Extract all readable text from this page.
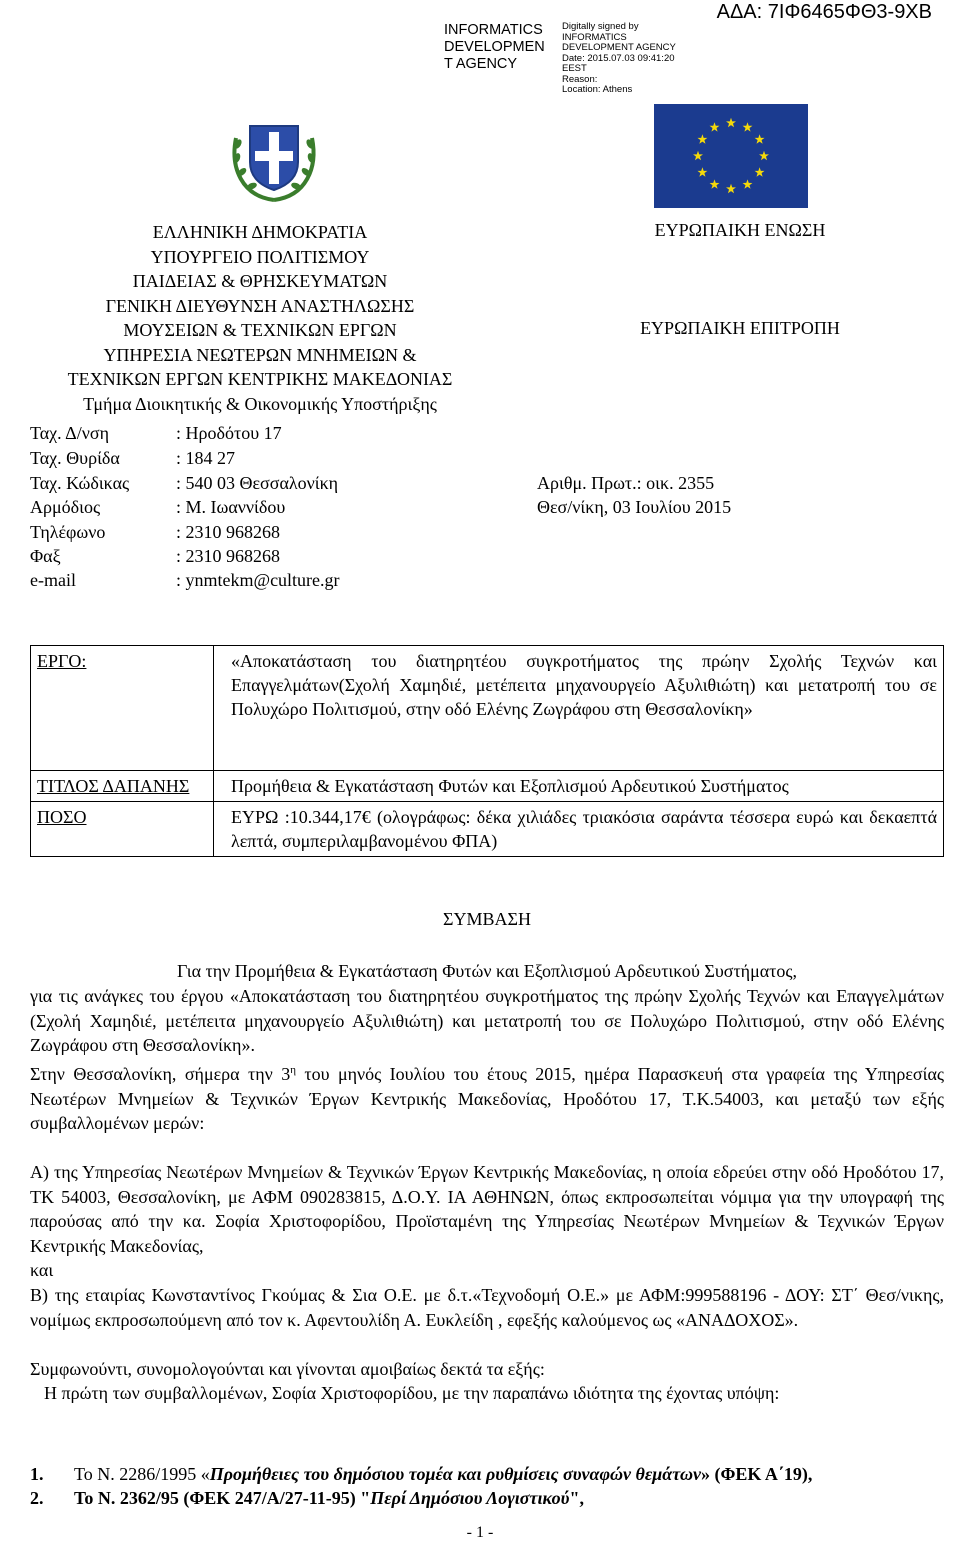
INFORMATICS
DEVELOPMEN
T AGENCY
Digitally signed by
INFORMATICS
DEVELOPMENT AGENCY
Date: 2015.07.03 09:41:20
EEST
Reason:
Location: Athens
ΑΔΑ: 7ΙΦ6465ΦΘ3-9ΧΒ
ΕΛΛΗΝΙΚΗ ΔΗΜΟΚΡΑΤΙΑ
ΥΠΟΥΡΓΕΙΟ ΠΟΛΙΤΙΣΜΟΥ
ΠΑΙΔΕΙΑΣ & ΘΡΗΣΚΕΥΜΑΤΩΝ
ΓΕΝΙΚΗ ΔΙΕΥΘΥΝΣΗ ΑΝΑΣΤΗΛΩΣΗΣ
ΜΟΥΣΕΙΩΝ & ΤΕΧΝΙΚΩΝ ΕΡΓΩΝ
ΥΠΗΡΕΣΙΑ ΝΕΩΤΕΡΩΝ ΜΝΗΜΕΙΩΝ &
ΤΕΧΝΙΚΩΝ ΕΡΓΩΝ ΚΕΝΤΡΙΚΗΣ ΜΑΚΕΔΟΝΙΑΣ
Τμήμα Διοικητικής & Οικονομικής Υποστήριξης
ΕΥΡΩΠΑΙΚΗ ΕΝΩΣΗ
ΕΥΡΩΠΑΙΚΗ ΕΠΙΤΡΟΠΗ
Ταχ. Δ/νση	: Ηροδότου 17
Ταχ. Θυρίδα	: 184 27
Ταχ. Κώδικας	: 540 03 Θεσσαλονίκη
Αρμόδιος	: Μ. Ιωαννίδου
Τηλέφωνο	: 2310 968268
Φαξ	: 2310 968268
e-mail	: ynmtekm@culture.gr
Αριθμ. Πρωτ.: οικ. 2355
Θεσ/νίκη, 03 Ιουλίου 2015
ΕΡΓΟ:	«Αποκατάσταση του διατηρητέου συγκροτήματος της πρώην Σχολής Τεχνών και Επαγγελμάτων(Σχολή Χαμηδιέ, μετέπειτα μηχανουργείο Αξυλιθιώτη) και μετατροπή του σε Πολυχώρο Πολιτισμού, στην οδό Ελένης Ζωγράφου στη Θεσσαλονίκη»
ΤΙΤΛΟΣ ΔΑΠΑΝΗΣ	Προμήθεια & Εγκατάσταση Φυτών και Εξοπλισμού Αρδευτικού Συστήματος
ΠΟΣΟ	ΕΥΡΩ :10.344,17€ (ολογράφως: δέκα χιλιάδες τριακόσια σαράντα τέσσερα ευρώ και δεκαεπτά λεπτά, συμπεριλαμβανομένου ΦΠΑ)
ΣΥΜΒΑΣΗ
Για την Προμήθεια & Εγκατάσταση Φυτών και Εξοπλισμού Αρδευτικού Συστήματος,
για τις ανάγκες του έργου «Αποκατάσταση του διατηρητέου συγκροτήματος της πρώην Σχολής Τεχνών και Επαγγελμάτων (Σχολή Χαμηδιέ, μετέπειτα μηχανουργείο Αξυλιθιώτη) και μετατροπή του σε Πολυχώρο Πολιτισμού, στην οδό Ελένης Ζωγράφου στη Θεσσαλονίκη».
Στην Θεσσαλονίκη, σήμερα την $3^\eta$ του μηνός Ιουλίου του έτους 2015, ημέρα Παρασκευή στα γραφεία της Υπηρεσίας Νεωτέρων Μνημείων & Τεχνικών Έργων Κεντρικής Μακεδονίας, Ηροδότου 17, Τ.Κ.54003, και μεταξύ των εξής συμβαλλομένων μερών:
Α) της Υπηρεσίας Νεωτέρων Μνημείων & Τεχνικών Έργων Κεντρικής Μακεδονίας, η οποία εδρεύει στην οδό Ηροδότου 17, ΤΚ 54003, Θεσσαλονίκη, με ΑΦΜ 090283815, Δ.Ο.Υ. ΙΑ ΑΘΗΝΩΝ, όπως εκπροσωπείται νόμιμα για την υπογραφή της παρούσας από την κα. Σοφία Χριστοφορίδου, Προϊσταμένη της Υπηρεσίας Νεωτέρων Μνημείων & Τεχνικών Έργων Κεντρικής Μακεδονίας,
και
Β) της εταιρίας Κωνσταντίνος Γκούμας & Σια Ο.Ε. με δ.τ.«Τεχνοδομή Ο.Ε.» με ΑΦΜ:999588196 - ΔΟΥ: ΣΤ΄ Θεσ/νικης, νομίμως εκπροσωπούμενη από τον κ. Αφεντουλίδη Α. Ευκλείδη , εφεξής καλούμενος ως «ΑΝΑΔΟΧΟΣ».
Συμφωνούντι, συνομολογούνται και γίνονται αμοιβαίως δεκτά τα εξής:
Η πρώτη των συμβαλλομένων, Σοφία Χριστοφορίδου, με την παραπάνω ιδιότητα της έχοντας υπόψη:
1. Το Ν. 2286/1995 «Προμήθειες του δημόσιου τομέα και ρυθμίσεις συναφών θεμάτων» (ΦΕΚ Α΄19),
2. Το Ν. 2362/95 (ΦΕΚ 247/Α/27-11-95) "Περί Δημόσιου Λογιστικού",
- 1 -
